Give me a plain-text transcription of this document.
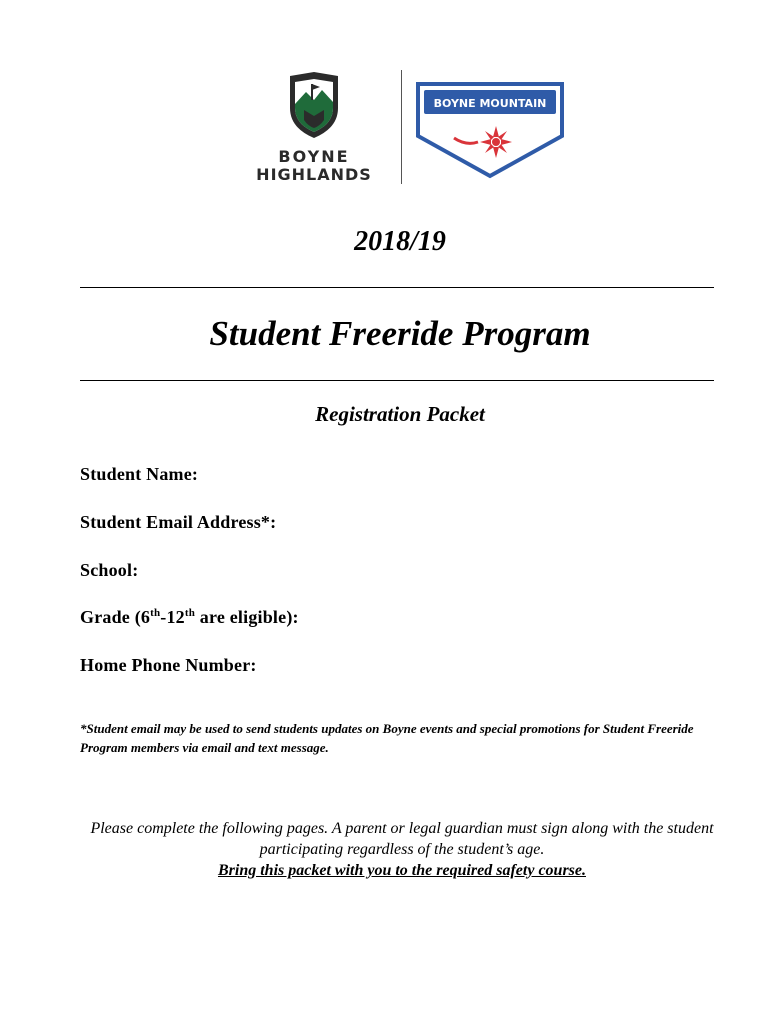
BOYNE
HIGHLANDS
BOYNE MOUNTAIN
2018/19
Student Freeride Program
Registration Packet
Student Name:
Student Email Address*:
School:
Grade (6th-12th are eligible):
Home Phone Number:
*Student email may be used to send students updates on Boyne events and special promotions for Student Freeride Program members via email and text message.
Please complete the following pages. A parent or legal guardian must sign along with the student participating regardless of the student’s age.
Bring this packet with you to the required safety course.
